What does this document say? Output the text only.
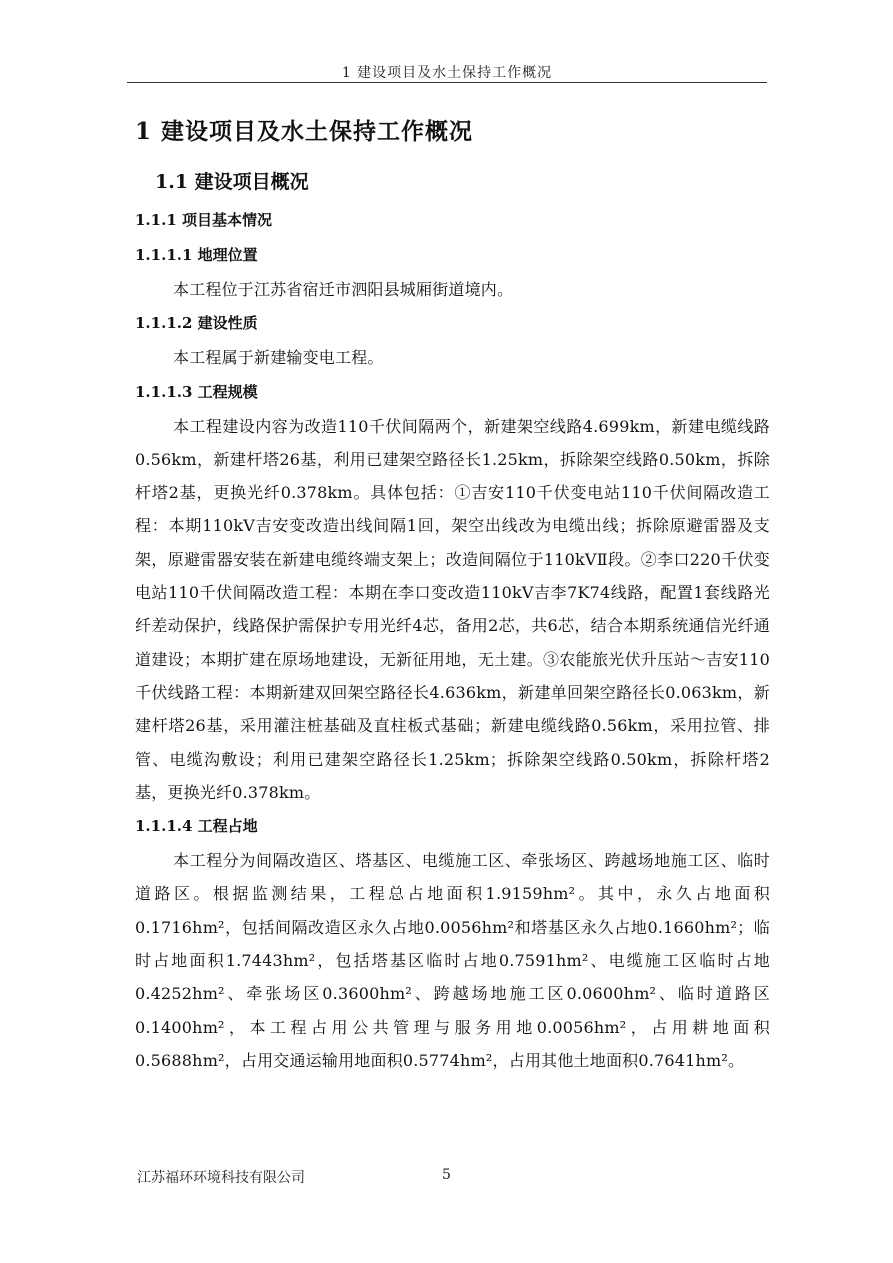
1 建设项目及水土保持工作概况
1 建设项目及水土保持工作概况
1.1 建设项目概况
1.1.1 项目基本情况
1.1.1.1 地理位置

本工程位于江苏省宿迁市泗阳县城厢街道境内。

1.1.1.2 建设性质

本工程属于新建输变电工程。

1.1.1.3 工程规模

本工程建设内容为改造110千伏间隔两个，新建架空线路4.699km，新建电缆线路0.56km，新建杆塔26基，利用已建架空路径长1.25km，拆除架空线路0.50km，拆除杆塔2基，更换光纤0.378km。具体包括：①吉安110千伏变电站110千伏间隔改造工程：本期110kV吉安变改造出线间隔1回，架空出线改为电缆出线；拆除原避雷器及支架，原避雷器安装在新建电缆终端支架上；改造间隔位于110kVⅡ段。②李口220千伏变电站110千伏间隔改造工程：本期在李口变改造110kV吉李7K74线路，配置1套线路光纤差动保护，线路保护需保护专用光纤4芯，备用2芯，共6芯，结合本期系统通信光纤通道建设；本期扩建在原场地建设，无新征用地，无土建。③农能旅光伏升压站～吉安110千伏线路工程：本期新建双回架空路径长4.636km，新建单回架空路径长0.063km，新建杆塔26基，采用灌注桩基础及直柱板式基础；新建电缆线路0.56km，采用拉管、排管、电缆沟敷设；利用已建架空路径长1.25km；拆除架空线路0.50km，拆除杆塔2基，更换光纤0.378km。

1.1.1.4 工程占地

本工程分为间隔改造区、塔基区、电缆施工区、牵张场区、跨越场地施工区、临时道路区。根据监测结果，工程总占地面积1.9159hm²。其中，永久占地面积0.1716hm²，包括间隔改造区永久占地0.0056hm²和塔基区永久占地0.1660hm²；临时占地面积1.7443hm²，包括塔基区临时占地0.7591hm²、电缆施工区临时占地0.4252hm²、牵张场区0.3600hm²、跨越场地施工区0.0600hm²、临时道路区0.1400hm²，本工程占用公共管理与服务用地0.0056hm²，占用耕地面积0.5688hm²，占用交通运输用地面积0.5774hm²，占用其他土地面积0.7641hm²。

江苏福环环境科技有限公司	5
